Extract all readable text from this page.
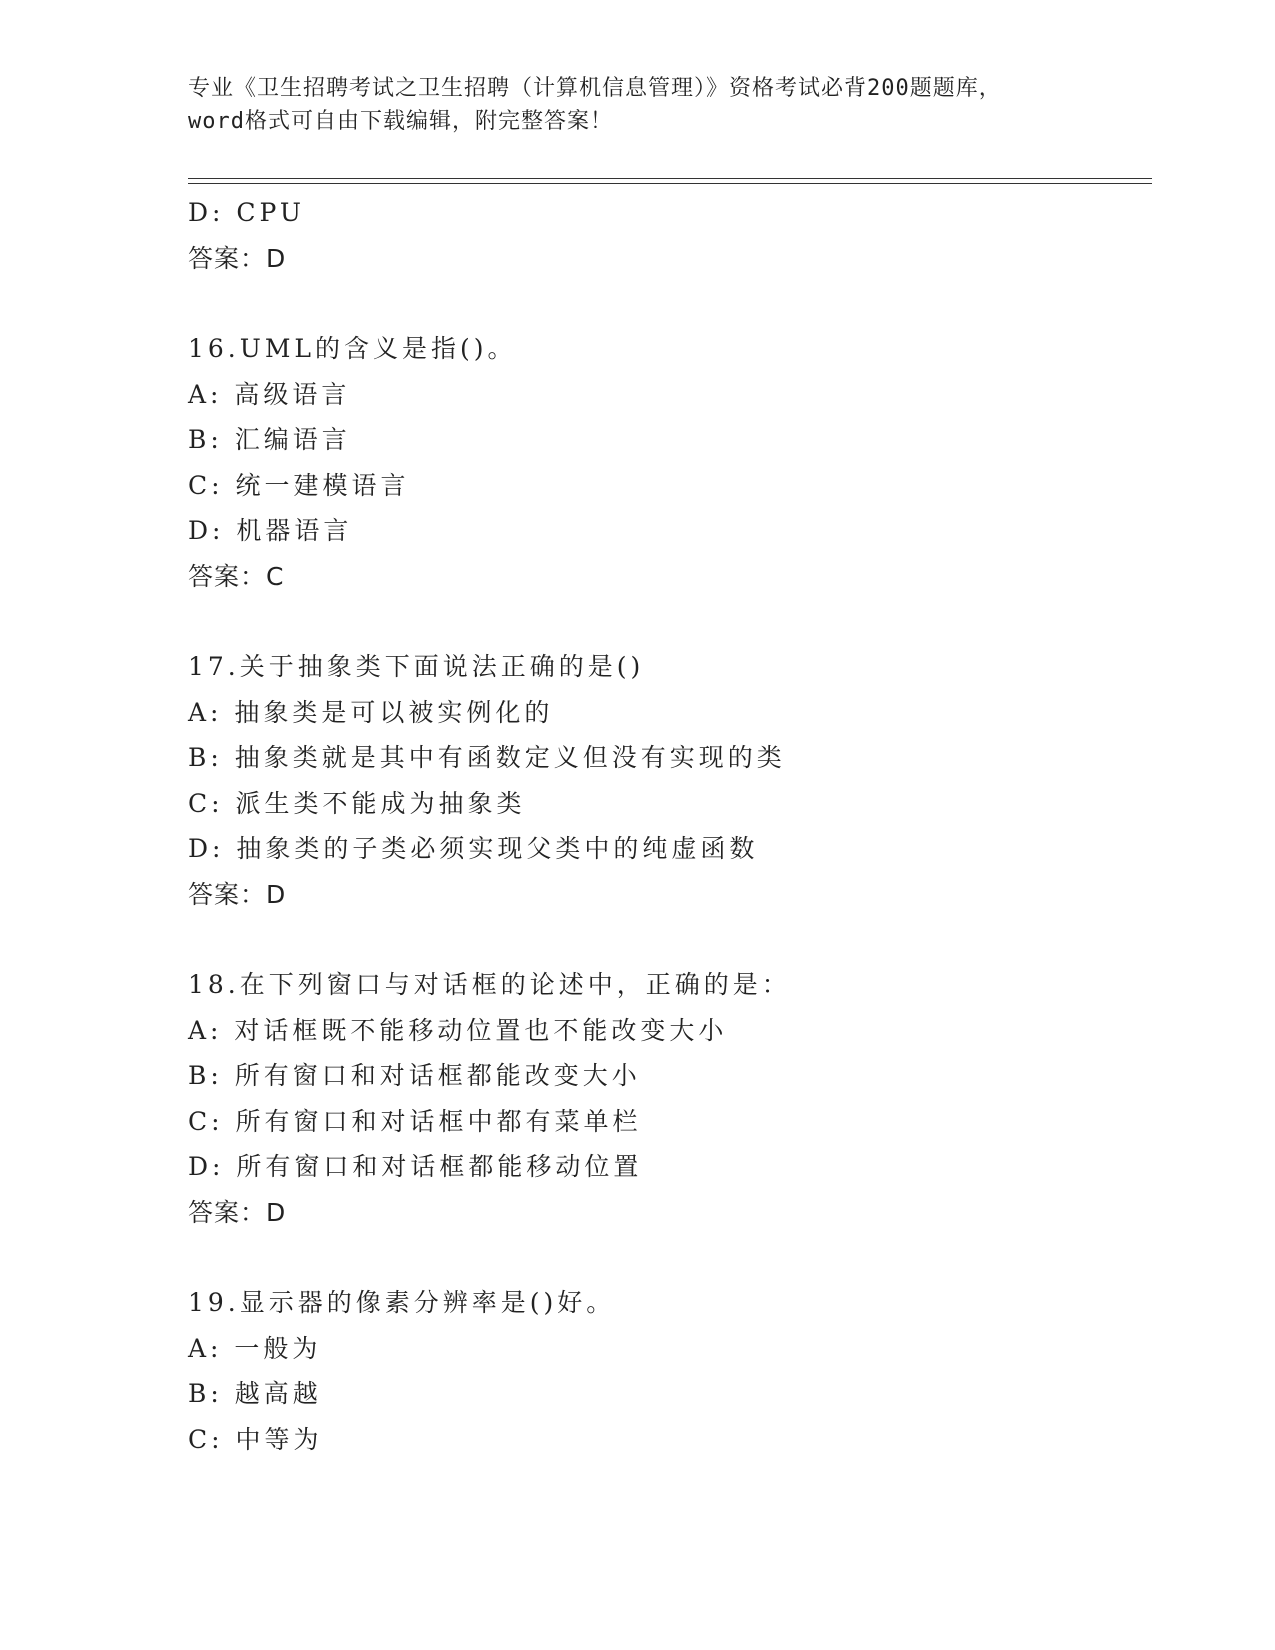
专业《卫生招聘考试之卫生招聘（计算机信息管理）》资格考试必背200题题库，
word格式可自由下载编辑，附完整答案！
D: CPU
答案：D
16.UML的含义是指()。
A: 高级语言
B: 汇编语言
C: 统一建模语言
D: 机器语言
答案：C
17.关于抽象类下面说法正确的是()
A: 抽象类是可以被实例化的
B: 抽象类就是其中有函数定义但没有实现的类
C: 派生类不能成为抽象类
D: 抽象类的子类必须实现父类中的纯虚函数
答案：D
18.在下列窗口与对话框的论述中，正确的是：
A: 对话框既不能移动位置也不能改变大小
B: 所有窗口和对话框都能改变大小
C: 所有窗口和对话框中都有菜单栏
D: 所有窗口和对话框都能移动位置
答案：D
19.显示器的像素分辨率是()好。
A: 一般为
B: 越高越
C: 中等为
